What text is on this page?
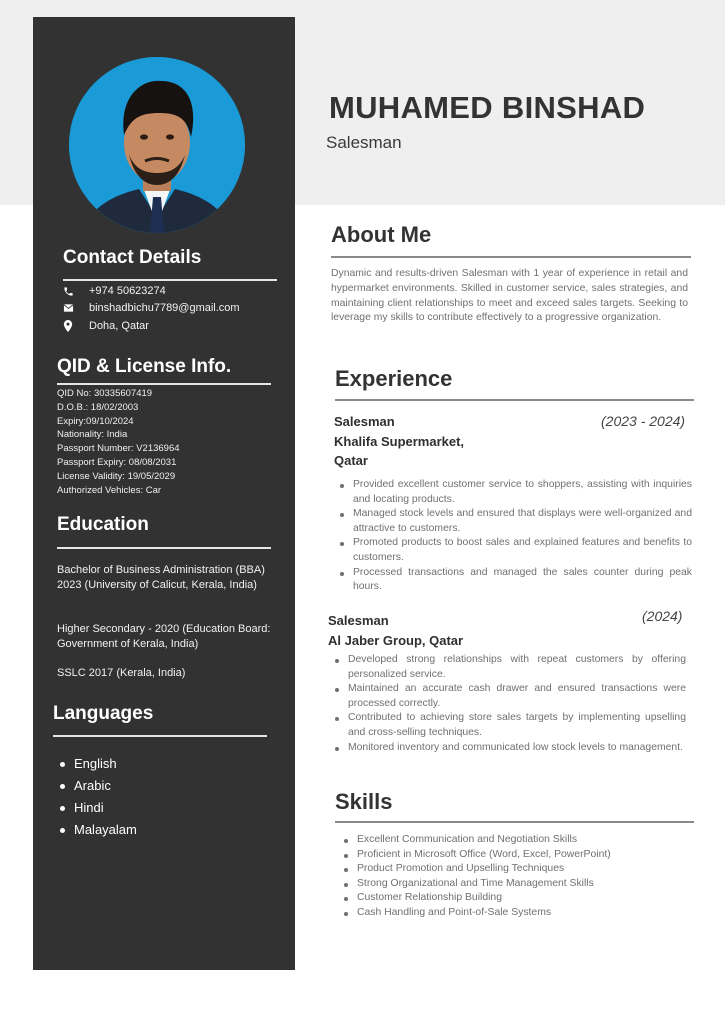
Contact Details
+974 50623274
binshadbichu7789@gmail.com
Doha, Qatar
QID & License Info.
QID No: 30335607419
D.O.B.: 18/02/2003
Expiry:09/10/2024
Nationality: India
Passport Number: V2136964
Passport Expiry: 08/08/2031
License Validity: 19/05/2029
Authorized Vehicles: Car
Education
Bachelor of Business Administration (BBA)
2023 (University of Calicut, Kerala, India)
Higher Secondary - 2020 (Education Board: Government of Kerala, India)
SSLC 2017 (Kerala, India)
Languages
English
Arabic
Hindi
Malayalam
MUHAMED BINSHAD
Salesman
About Me

Dynamic and results-driven Salesman with 1 year of experience in retail and hypermarket environments. Skilled in customer service, sales strategies, and maintaining client relationships to meet and exceed sales targets. Seeking to leverage my skills to contribute effectively to a progressive organization.

Experience
Salesman	(2023 - 2024)
Khalifa Supermarket,
Qatar
Provided excellent customer service to shoppers, assisting with inquiries and locating products.
Managed stock levels and ensured that displays were well-organized and attractive to customers.
Promoted products to boost sales and explained features and benefits to customers.
Processed transactions and managed the sales counter during peak hours.
Salesman	(2024)
Al Jaber Group, Qatar
Developed strong relationships with repeat customers by offering personalized service.
Maintained an accurate cash drawer and ensured transactions were processed correctly.
Contributed to achieving store sales targets by implementing upselling and cross-selling techniques.
Monitored inventory and communicated low stock levels to management.
Skills
Excellent Communication and Negotiation Skills
Proficient in Microsoft Office (Word, Excel, PowerPoint)
Product Promotion and Upselling Techniques
Strong Organizational and Time Management Skills
Customer Relationship Building
Cash Handling and Point-of-Sale Systems
